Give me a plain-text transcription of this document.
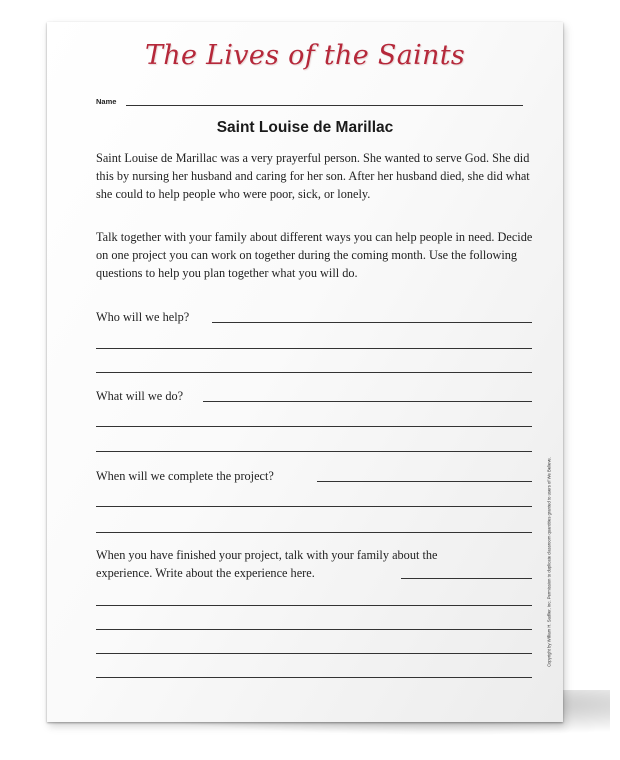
The Lives of the Saints
Name
Saint Louise de Marillac

Saint Louise de Marillac was a very prayerful person. She wanted to serve God. She did this by nursing her husband and caring for her son. After her husband died, she did what she could to help people who were poor, sick, or lonely.

Talk together with your family about different ways you can help people in need. Decide on one project you can work on together during the coming month. Use the following questions to help you plan together what you will do.

Who will we help?
What will we do?
When will we complete the project?
When you have finished your project, talk with your family about the
experience. Write about the experience here.	Copyright by William H. Sadlier, Inc. Permission to duplicate classroom quantities granted to users of We Believe.
